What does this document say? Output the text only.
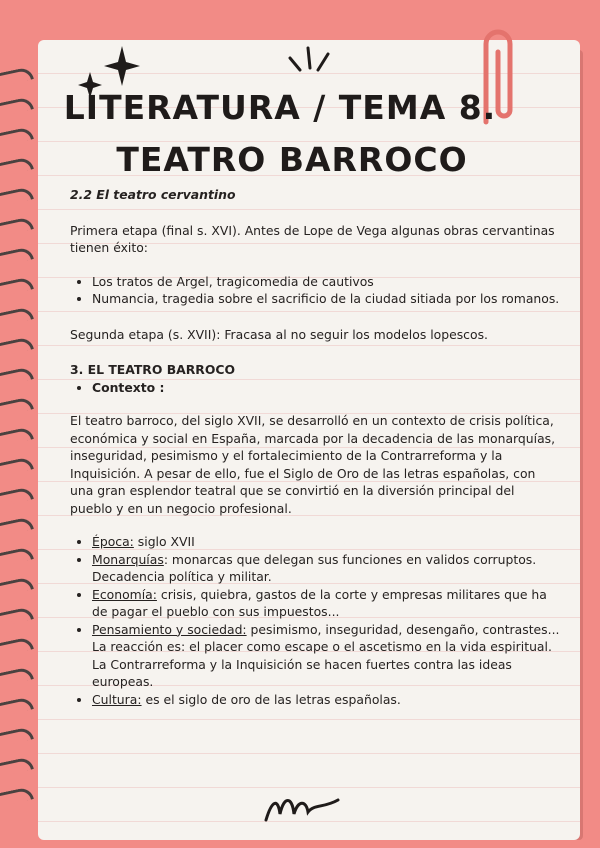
LITERATURA / TEMA 8.
TEATRO BARROCO

2.2 El teatro cervantino

Primera etapa (final s. XVI). Antes de Lope de Vega algunas obras cervantinas tienen éxito:

• Los tratos de Argel, tragicomedia de cautivos
• Numancia, tragedia sobre el sacrificio de la ciudad sitiada por los romanos.

Segunda etapa (s. XVII): Fracasa al no seguir los modelos lopescos.

3. EL TEATRO BARROCO

• Contexto :

El teatro barroco, del siglo XVII, se desarrolló en un contexto de crisis política, económica y social en España, marcada por la decadencia de las monarquías, inseguridad, pesimismo y el fortalecimiento de la Contrarreforma y la Inquisición. A pesar de ello, fue el Siglo de Oro de las letras españolas, con una gran esplendor teatral que se convirtió en la diversión principal del pueblo y en un negocio profesional.

• Época: siglo XVII
• Monarquías: monarcas que delegan sus funciones en validos corruptos. Decadencia política y militar.
• Economía: crisis, quiebra, gastos de la corte y empresas militares que ha de pagar el pueblo con sus impuestos...
• Pensamiento y sociedad: pesimismo, inseguridad, desengaño, contrastes... La reacción es: el placer como escape o el ascetismo en la vida espiritual. La Contrarreforma y la Inquisición se hacen fuertes contra las ideas europeas.
• Cultura: es el siglo de oro de las letras españolas.
